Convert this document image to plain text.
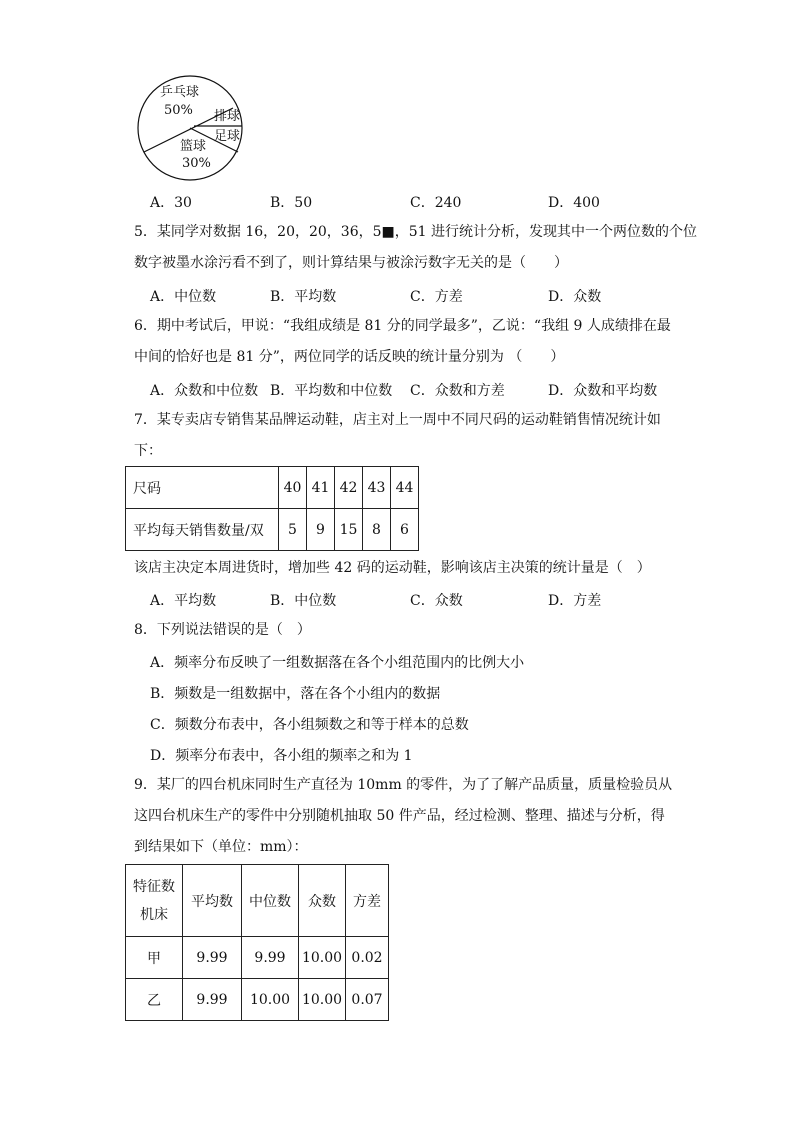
乒乓球
50% 排球
足球
篮球
30%
A．30	B．50	C．240	D．400
5．某同学对数据 16，20，20，36，5■，51 进行统计分析，发现其中一个两位数的个位
数字被墨水涂污看不到了，则计算结果与被涂污数字无关的是（　　）
A．中位数	B．平均数	C．方差	D．众数
6．期中考试后，甲说：“我组成绩是 81 分的同学最多”，乙说：“我组 9 人成绩排在最
中间的恰好也是 81 分”，两位同学的话反映的统计量分别为 （　　）
A．众数和中位数 B．平均数和中位数 C．众数和方差	D．众数和平均数
7．某专卖店专销售某品牌运动鞋，店主对上一周中不同尺码的运动鞋销售情况统计如
下：
尺码	40	41	42	43	44
平均每天销售数量/双	5	9	15	8	6
该店主决定本周进货时，增加些 42 码的运动鞋，影响该店主决策的统计量是（　）
A．平均数	B．中位数	C．众数	D．方差
8．下列说法错误的是（　）
A．频率分布反映了一组数据落在各个小组范围内的比例大小
B．频数是一组数据中，落在各个小组内的数据
C．频数分布表中，各小组频数之和等于样本的总数
D．频率分布表中，各小组的频率之和为 1
9．某厂的四台机床同时生产直径为 10mm 的零件，为了了解产品质量，质量检验员从
这四台机床生产的零件中分别随机抽取 50 件产品，经过检测、整理、描述与分析，得
到结果如下（单位：mm）：
特征数
机床	平均数	中位数	众数	方差
甲	9.99	9.99	10.00	0.02
乙	9.99	10.00	10.00	0.07
